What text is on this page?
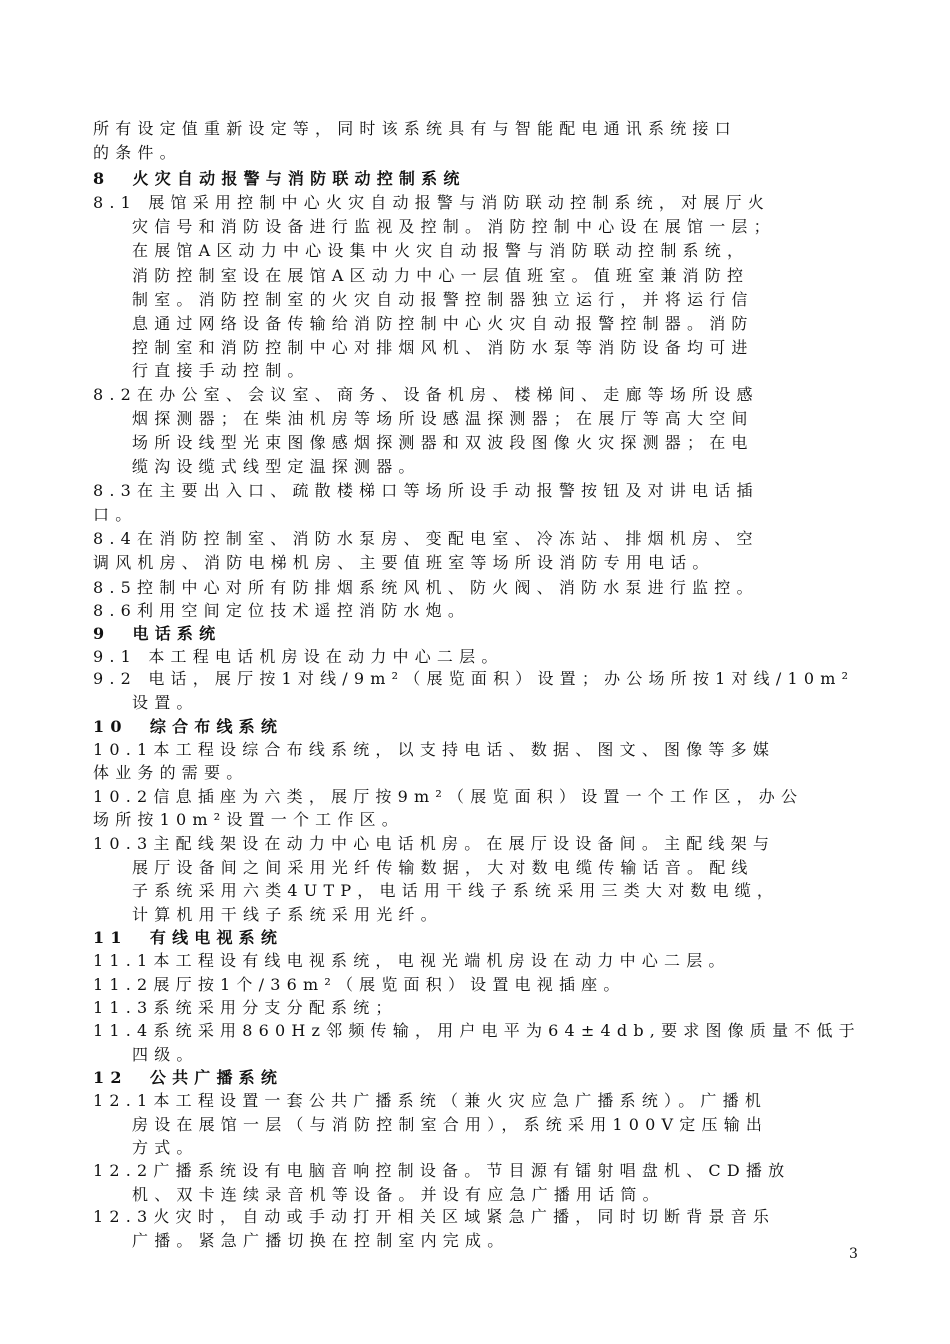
所有设定值重新设定等，同时该系统具有与智能配电通讯系统接口
的条件。
8　火灾自动报警与消防联动控制系统
8.1 展馆采用控制中心火灾自动报警与消防联动控制系统，对展厅火
灾信号和消防设备进行监视及控制。消防控制中心设在展馆一层；
在展馆A区动力中心设集中火灾自动报警与消防联动控制系统，
消防控制室设在展馆A区动力中心一层值班室。值班室兼消防控
制室。消防控制室的火灾自动报警控制器独立运行，并将运行信
息通过网络设备传输给消防控制中心火灾自动报警控制器。消防
控制室和消防控制中心对排烟风机、消防水泵等消防设备均可进
行直接手动控制。
8.2在办公室、会议室、商务、设备机房、楼梯间、走廊等场所设感
烟探测器；在柴油机房等场所设感温探测器；在展厅等高大空间
场所设线型光束图像感烟探测器和双波段图像火灾探测器；在电
缆沟设缆式线型定温探测器。
8.3在主要出入口、疏散楼梯口等场所设手动报警按钮及对讲电话插
口。
8.4在消防控制室、消防水泵房、变配电室、冷冻站、排烟机房、空
调风机房、消防电梯机房、主要值班室等场所设消防专用电话。
8.5控制中心对所有防排烟系统风机、防火阀、消防水泵进行监控。
8.6利用空间定位技术遥控消防水炮。
9　电话系统
9.1 本工程电话机房设在动力中心二层。
9.2 电话，展厅按1对线/9m²（展览面积）设置；办公场所按1对线/10m²
设置。
10　综合布线系统
10.1本工程设综合布线系统，以支持电话、数据、图文、图像等多媒
体业务的需要。
10.2信息插座为六类，展厅按9m²（展览面积）设置一个工作区，办公
场所按10m²设置一个工作区。
10.3主配线架设在动力中心电话机房。在展厅设设备间。主配线架与
展厅设备间之间采用光纤传输数据，大对数电缆传输话音。配线
子系统采用六类4UTP，电话用干线子系统采用三类大对数电缆，
计算机用干线子系统采用光纤。
11　有线电视系统
11.1本工程设有线电视系统，电视光端机房设在动力中心二层。
11.2展厅按1个/36m²（展览面积）设置电视插座。
11.3系统采用分支分配系统；
11.4系统采用860Hz邻频传输，用户电平为64±4db,要求图像质量不低于
四级。
12　公共广播系统
12.1本工程设置一套公共广播系统（兼火灾应急广播系统）。广播机
房设在展馆一层（与消防控制室合用），系统采用100V定压输出
方式。
12.2广播系统设有电脑音响控制设备。节目源有镭射唱盘机、CD播放
机、双卡连续录音机等设备。并设有应急广播用话筒。
12.3火灾时，自动或手动打开相关区域紧急广播，同时切断背景音乐
广播。紧急广播切换在控制室内完成。
3
